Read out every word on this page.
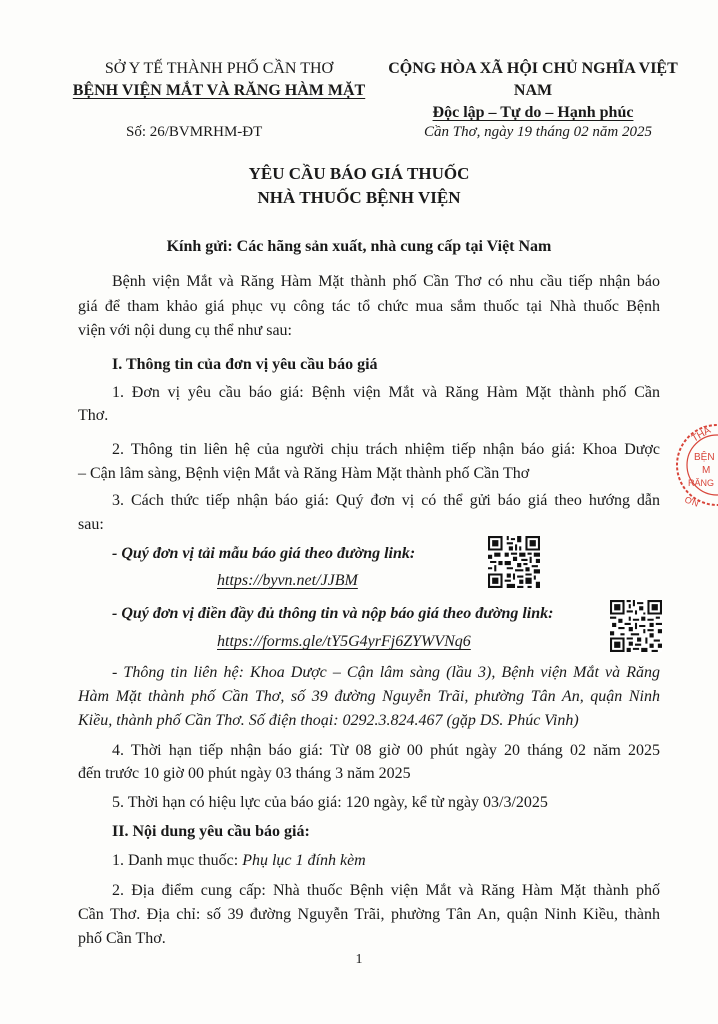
SỞ Y TẾ THÀNH PHỐ CẦN THƠ
BỆNH VIỆN MẮT VÀ RĂNG HÀM MẶT
CỘNG HÒA XÃ HỘI CHỦ NGHĨA VIỆT NAM
Độc lập – Tự do – Hạnh phúc
Số: 26/BVMRHM-ĐT	Cần Thơ, ngày 19 tháng 02 năm 2025
YÊU CẦU BÁO GIÁ THUỐC
NHÀ THUỐC BỆNH VIỆN
Kính gửi: Các hãng sản xuất, nhà cung cấp tại Việt Nam
Bệnh viện Mắt và Răng Hàm Mặt thành phố Cần Thơ có nhu cầu tiếp nhận báo
giá để tham khảo giá phục vụ công tác tổ chức mua sắm thuốc tại Nhà thuốc Bệnh
viện với nội dung cụ thể như sau:
I. Thông tin của đơn vị yêu cầu báo giá
1. Đơn vị yêu cầu báo giá: Bệnh viện Mắt và Răng Hàm Mặt thành phố Cần
Thơ.
2. Thông tin liên hệ của người chịu trách nhiệm tiếp nhận báo giá: Khoa Dược
– Cận lâm sàng, Bệnh viện Mắt và Răng Hàm Mặt thành phố Cần Thơ
3. Cách thức tiếp nhận báo giá: Quý đơn vị có thể gửi báo giá theo hướng dẫn
sau:
- Quý đơn vị tải mẫu báo giá theo đường link:
https://byvn.net/JJBM
- Quý đơn vị điền đầy đủ thông tin và nộp báo giá theo đường link:
https://forms.gle/tY5G4yrFj6ZYWVNq6
- Thông tin liên hệ: Khoa Dược – Cận lâm sàng (lầu 3), Bệnh viện Mắt và Răng
Hàm Mặt thành phố Cần Thơ, số 39 đường Nguyễn Trãi, phường Tân An, quận Ninh
Kiều, thành phố Cần Thơ. Số điện thoại: 0292.3.824.467 (gặp DS. Phúc Vinh)
4. Thời hạn tiếp nhận báo giá: Từ 08 giờ 00 phút ngày 20 tháng 02 năm 2025
đến trước 10 giờ 00 phút ngày 03 tháng 3 năm 2025
5. Thời hạn có hiệu lực của báo giá: 120 ngày, kể từ ngày 03/3/2025
II. Nội dung yêu cầu báo giá:
1. Danh mục thuốc: Phụ lục 1 đính kèm
2. Địa điểm cung cấp: Nhà thuốc Bệnh viện Mắt và Răng Hàm Mặt thành phố
Cần Thơ. Địa chỉ: số 39 đường Nguyễn Trãi, phường Tân An, quận Ninh Kiều, thành
phố Cần Thơ.
THÀ
BỆN
M
RĂNG
ƠN
1
